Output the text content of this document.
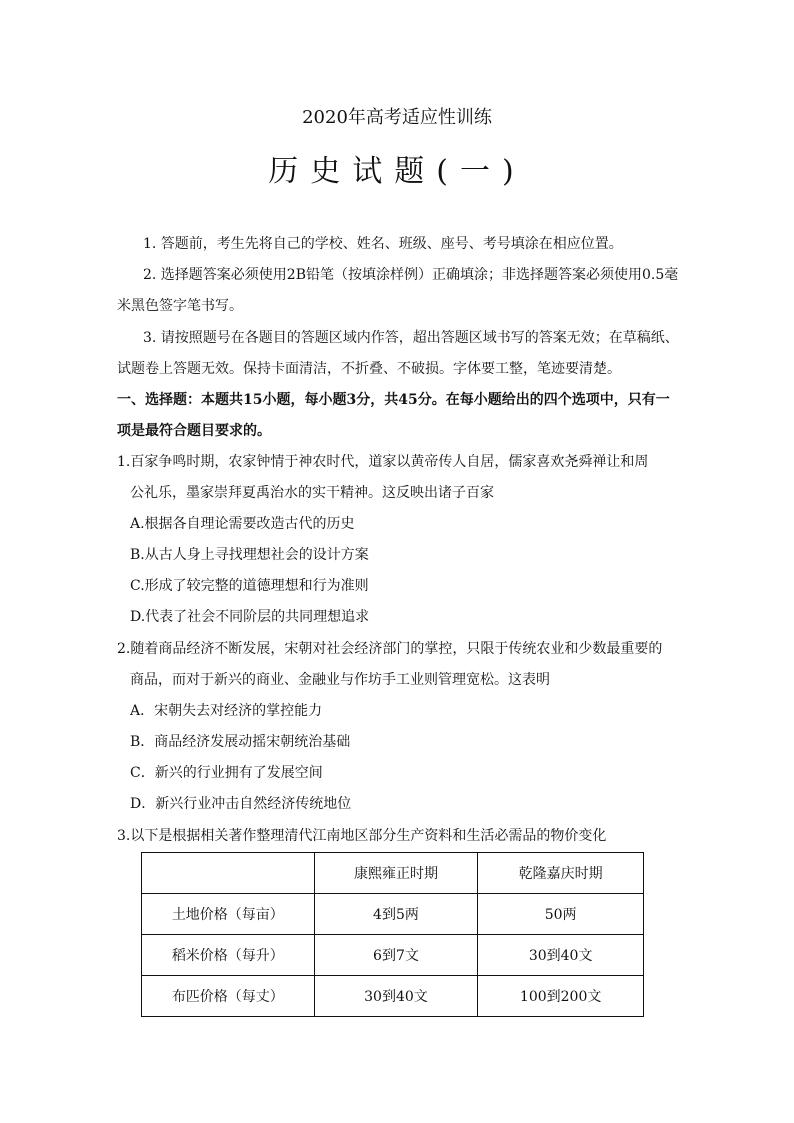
2020年高考适应性训练
历史试题(一)
1. 答题前，考生先将自己的学校、姓名、班级、座号、考号填涂在相应位置。
2. 选择题答案必须使用2B铅笔（按填涂样例）正确填涂；非选择题答案必须使用0.5毫
米黑色签字笔书写。
3. 请按照题号在各题目的答题区域内作答，超出答题区域书写的答案无效；在草稿纸、
试题卷上答题无效。保持卡面清洁，不折叠、不破损。字体要工整，笔迹要清楚。
一、选择题：本题共15小题，每小题3分，共45分。在每小题给出的四个选项中，只有一
项是最符合题目要求的。
1.百家争鸣时期，农家钟情于神农时代，道家以黄帝传人自居，儒家喜欢尧舜禅让和周
公礼乐，墨家崇拜夏禹治水的实干精神。这反映出诸子百家
A.根据各自理论需要改造古代的历史
B.从古人身上寻找理想社会的设计方案
C.形成了较完整的道德理想和行为准则
D.代表了社会不同阶层的共同理想追求
2.随着商品经济不断发展，宋朝对社会经济部门的掌控，只限于传统农业和少数最重要的
商品，而对于新兴的商业、金融业与作坊手工业则管理宽松。这表明
A．宋朝失去对经济的掌控能力
B．商品经济发展动摇宋朝统治基础
C．新兴的行业拥有了发展空间
D．新兴行业冲击自然经济传统地位
3.以下是根据相关著作整理清代江南地区部分生产资料和生活必需品的物价变化
	康熙雍正时期	乾隆嘉庆时期
土地价格（每亩）	4到5两	50两
稻米价格（每升）	6到7文	30到40文
布匹价格（每丈）	30到40文	100到200文
